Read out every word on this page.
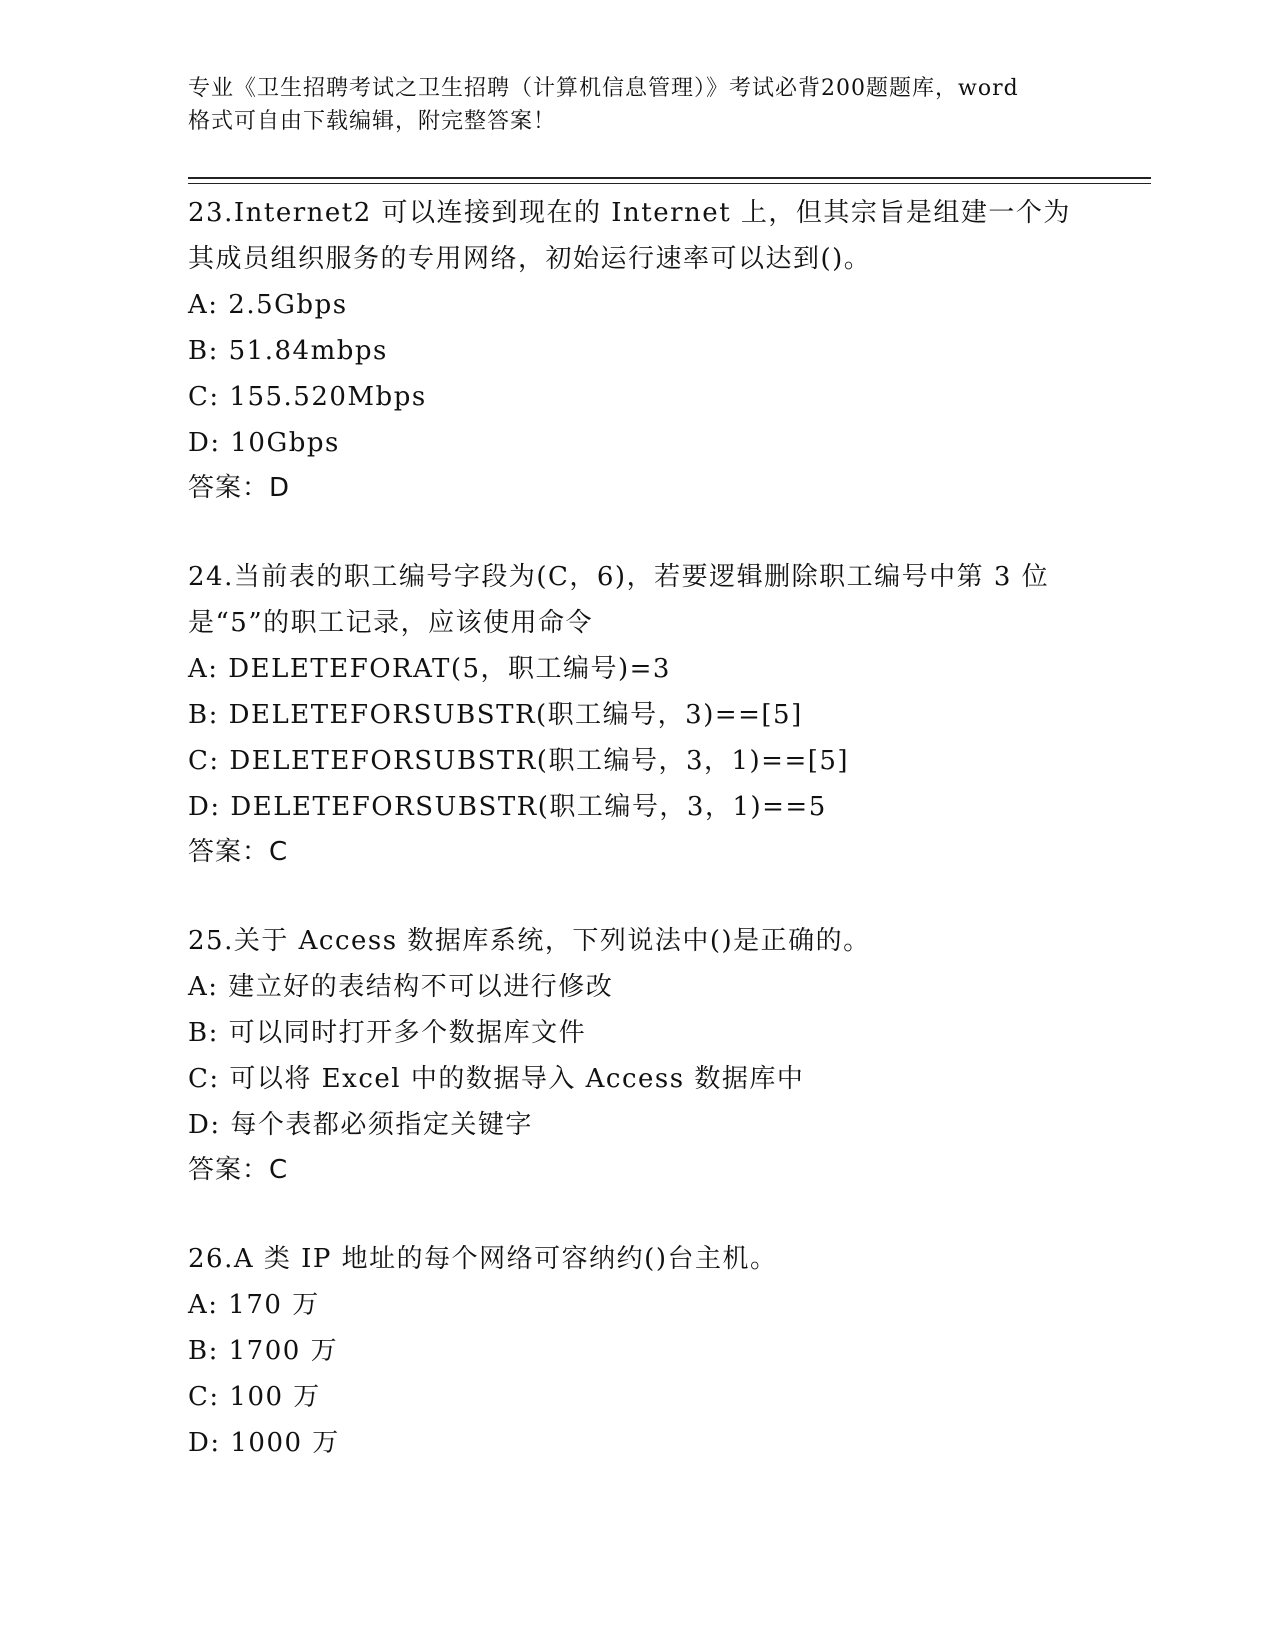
专业《卫生招聘考试之卫生招聘（计算机信息管理）》考试必背200题题库，word
格式可自由下载编辑，附完整答案！
23.Internet2 可以连接到现在的 Internet 上，但其宗旨是组建一个为
其成员组织服务的专用网络，初始运行速率可以达到()。
A: 2.5Gbps
B: 51.84mbps
C: 155.520Mbps
D: 10Gbps
答案：D
24.当前表的职工编号字段为(C，6)，若要逻辑删除职工编号中第 3 位
是“5”的职工记录，应该使用命令
A: DELETEFORAT(5，职工编号)=3
B: DELETEFORSUBSTR(职工编号，3)==[5]
C: DELETEFORSUBSTR(职工编号，3，1)==[5]
D: DELETEFORSUBSTR(职工编号，3，1)==5
答案：C
25.关于 Access 数据库系统，下列说法中()是正确的。
A: 建立好的表结构不可以进行修改
B: 可以同时打开多个数据库文件
C: 可以将 Excel 中的数据导入 Access 数据库中
D: 每个表都必须指定关键字
答案：C
26.A 类 IP 地址的每个网络可容纳约()台主机。
A: 170 万
B: 1700 万
C: 100 万
D: 1000 万
